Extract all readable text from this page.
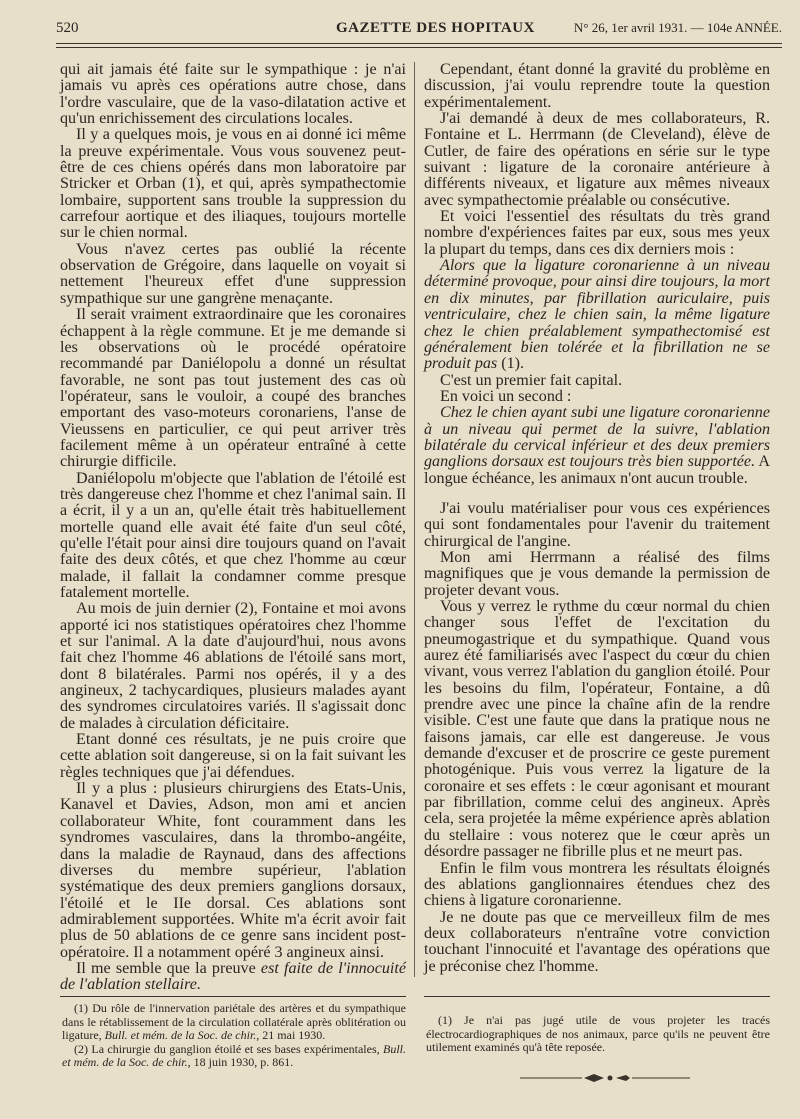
520	GAZETTE DES HOPITAUX	N° 26, 1er avril 1931. — 104e ANNÉE.

qui ait jamais été faite sur le sympathique : je n'ai jamais vu après ces opérations autre chose, dans l'ordre vasculaire, que de la vaso-dilatation active et qu'un enrichissement des circulations locales.

Il y a quelques mois, je vous en ai donné ici même la preuve expérimentale. Vous vous souvenez peut-être de ces chiens opérés dans mon laboratoire par Stricker et Orban (1), et qui, après sympathectomie lombaire, supportent sans trouble la suppression du carrefour aortique et des iliaques, toujours mortelle sur le chien normal.

Vous n'avez certes pas oublié la récente observation de Grégoire, dans laquelle on voyait si nettement l'heureux effet d'une suppression sympathique sur une gangrène menaçante.

Il serait vraiment extraordinaire que les coronaires échappent à la règle commune. Et je me demande si les observations où le procédé opératoire recommandé par Daniélopolu a donné un résultat favorable, ne sont pas tout justement des cas où l'opérateur, sans le vouloir, a coupé des branches emportant des vaso-moteurs coronariens, l'anse de Vieussens en particulier, ce qui peut arriver très facilement même à un opérateur entraîné à cette chirurgie difficile.

Daniélopolu m'objecte que l'ablation de l'étoilé est très dangereuse chez l'homme et chez l'animal sain. Il a écrit, il y a un an, qu'elle était très habituellement mortelle quand elle avait été faite d'un seul côté, qu'elle l'était pour ainsi dire toujours quand on l'avait faite des deux côtés, et que chez l'homme au cœur malade, il fallait la condamner comme presque fatalement mortelle.

Au mois de juin dernier (2), Fontaine et moi avons apporté ici nos statistiques opératoires chez l'homme et sur l'animal. A la date d'aujourd'hui, nous avons fait chez l'homme 46 ablations de l'étoilé sans mort, dont 8 bilatérales. Parmi nos opérés, il y a des angineux, 2 tachycardiques, plusieurs malades ayant des syndromes circulatoires variés. Il s'agissait donc de malades à circulation déficitaire.

Etant donné ces résultats, je ne puis croire que cette ablation soit dangereuse, si on la fait suivant les règles techniques que j'ai défendues.

Il y a plus : plusieurs chirurgiens des Etats-Unis, Kanavel et Davies, Adson, mon ami et ancien collaborateur White, font couramment dans les syndromes vasculaires, dans la thrombo-angéite, dans la maladie de Raynaud, dans des affections diverses du membre supérieur, l'ablation systématique des deux premiers ganglions dorsaux, l'étoilé et le IIe dorsal. Ces ablations sont admirablement supportées. White m'a écrit avoir fait plus de 50 ablations de ce genre sans incident post-opératoire. Il a notamment opéré 3 angineux ainsi.

Il me semble que la preuve est faite de l'innocuité de l'ablation stellaire.

Cependant, étant donné la gravité du problème en discussion, j'ai voulu reprendre toute la question expérimentalement.

J'ai demandé à deux de mes collaborateurs, R. Fontaine et L. Herrmann (de Cleveland), élève de Cutler, de faire des opérations en série sur le type suivant : ligature de la coronaire antérieure à différents niveaux, et ligature aux mêmes niveaux avec sympathectomie préalable ou consécutive.

Et voici l'essentiel des résultats du très grand nombre d'expériences faites par eux, sous mes yeux la plupart du temps, dans ces dix derniers mois :

Alors que la ligature coronarienne à un niveau déterminé provoque, pour ainsi dire toujours, la mort en dix minutes, par fibrillation auriculaire, puis ventriculaire, chez le chien sain, la même ligature chez le chien préalablement sympathectomisé est généralement bien tolérée et la fibrillation ne se produit pas (1).

C'est un premier fait capital.

En voici un second :

Chez le chien ayant subi une ligature coronarienne à un niveau qui permet de la suivre, l'ablation bilatérale du cervical inférieur et des deux premiers ganglions dorsaux est toujours très bien supportée. A longue échéance, les animaux n'ont aucun trouble.

J'ai voulu matérialiser pour vous ces expériences qui sont fondamentales pour l'avenir du traitement chirurgical de l'angine.

Mon ami Herrmann a réalisé des films magnifiques que je vous demande la permission de projeter devant vous.

Vous y verrez le rythme du cœur normal du chien changer sous l'effet de l'excitation du pneumogastrique et du sympathique. Quand vous aurez été familiarisés avec l'aspect du cœur du chien vivant, vous verrez l'ablation du ganglion étoilé. Pour les besoins du film, l'opérateur, Fontaine, a dû prendre avec une pince la chaîne afin de la rendre visible. C'est une faute que dans la pratique nous ne faisons jamais, car elle est dangereuse. Je vous demande d'excuser et de proscrire ce geste purement photogénique. Puis vous verrez la ligature de la coronaire et ses effets : le cœur agonisant et mourant par fibrillation, comme celui des angineux. Après cela, sera projetée la même expérience après ablation du stellaire : vous noterez que le cœur après un désordre passager ne fibrille plus et ne meurt pas.

Enfin le film vous montrera les résultats éloignés des ablations ganglionnaires étendues chez des chiens à ligature coronarienne.

Je ne doute pas que ce merveilleux film de mes deux collaborateurs n'entraîne votre conviction touchant l'innocuité et l'avantage des opérations que je préconise chez l'homme.

(1) Du rôle de l'innervation pariétale des artères et du sympathique dans le rétablissement de la circulation collatérale après oblitération ou ligature, Bull. et mém. de la Soc. de chir., 21 mai 1930.

(2) La chirurgie du ganglion étoilé et ses bases expérimentales, Bull. et mém. de la Soc. de chir., 18 juin 1930, p. 861.

(1) Je n'ai pas jugé utile de vous projeter les tracés électrocardiographiques de nos animaux, parce qu'ils ne peuvent être utilement examinés qu'à tête reposée.
